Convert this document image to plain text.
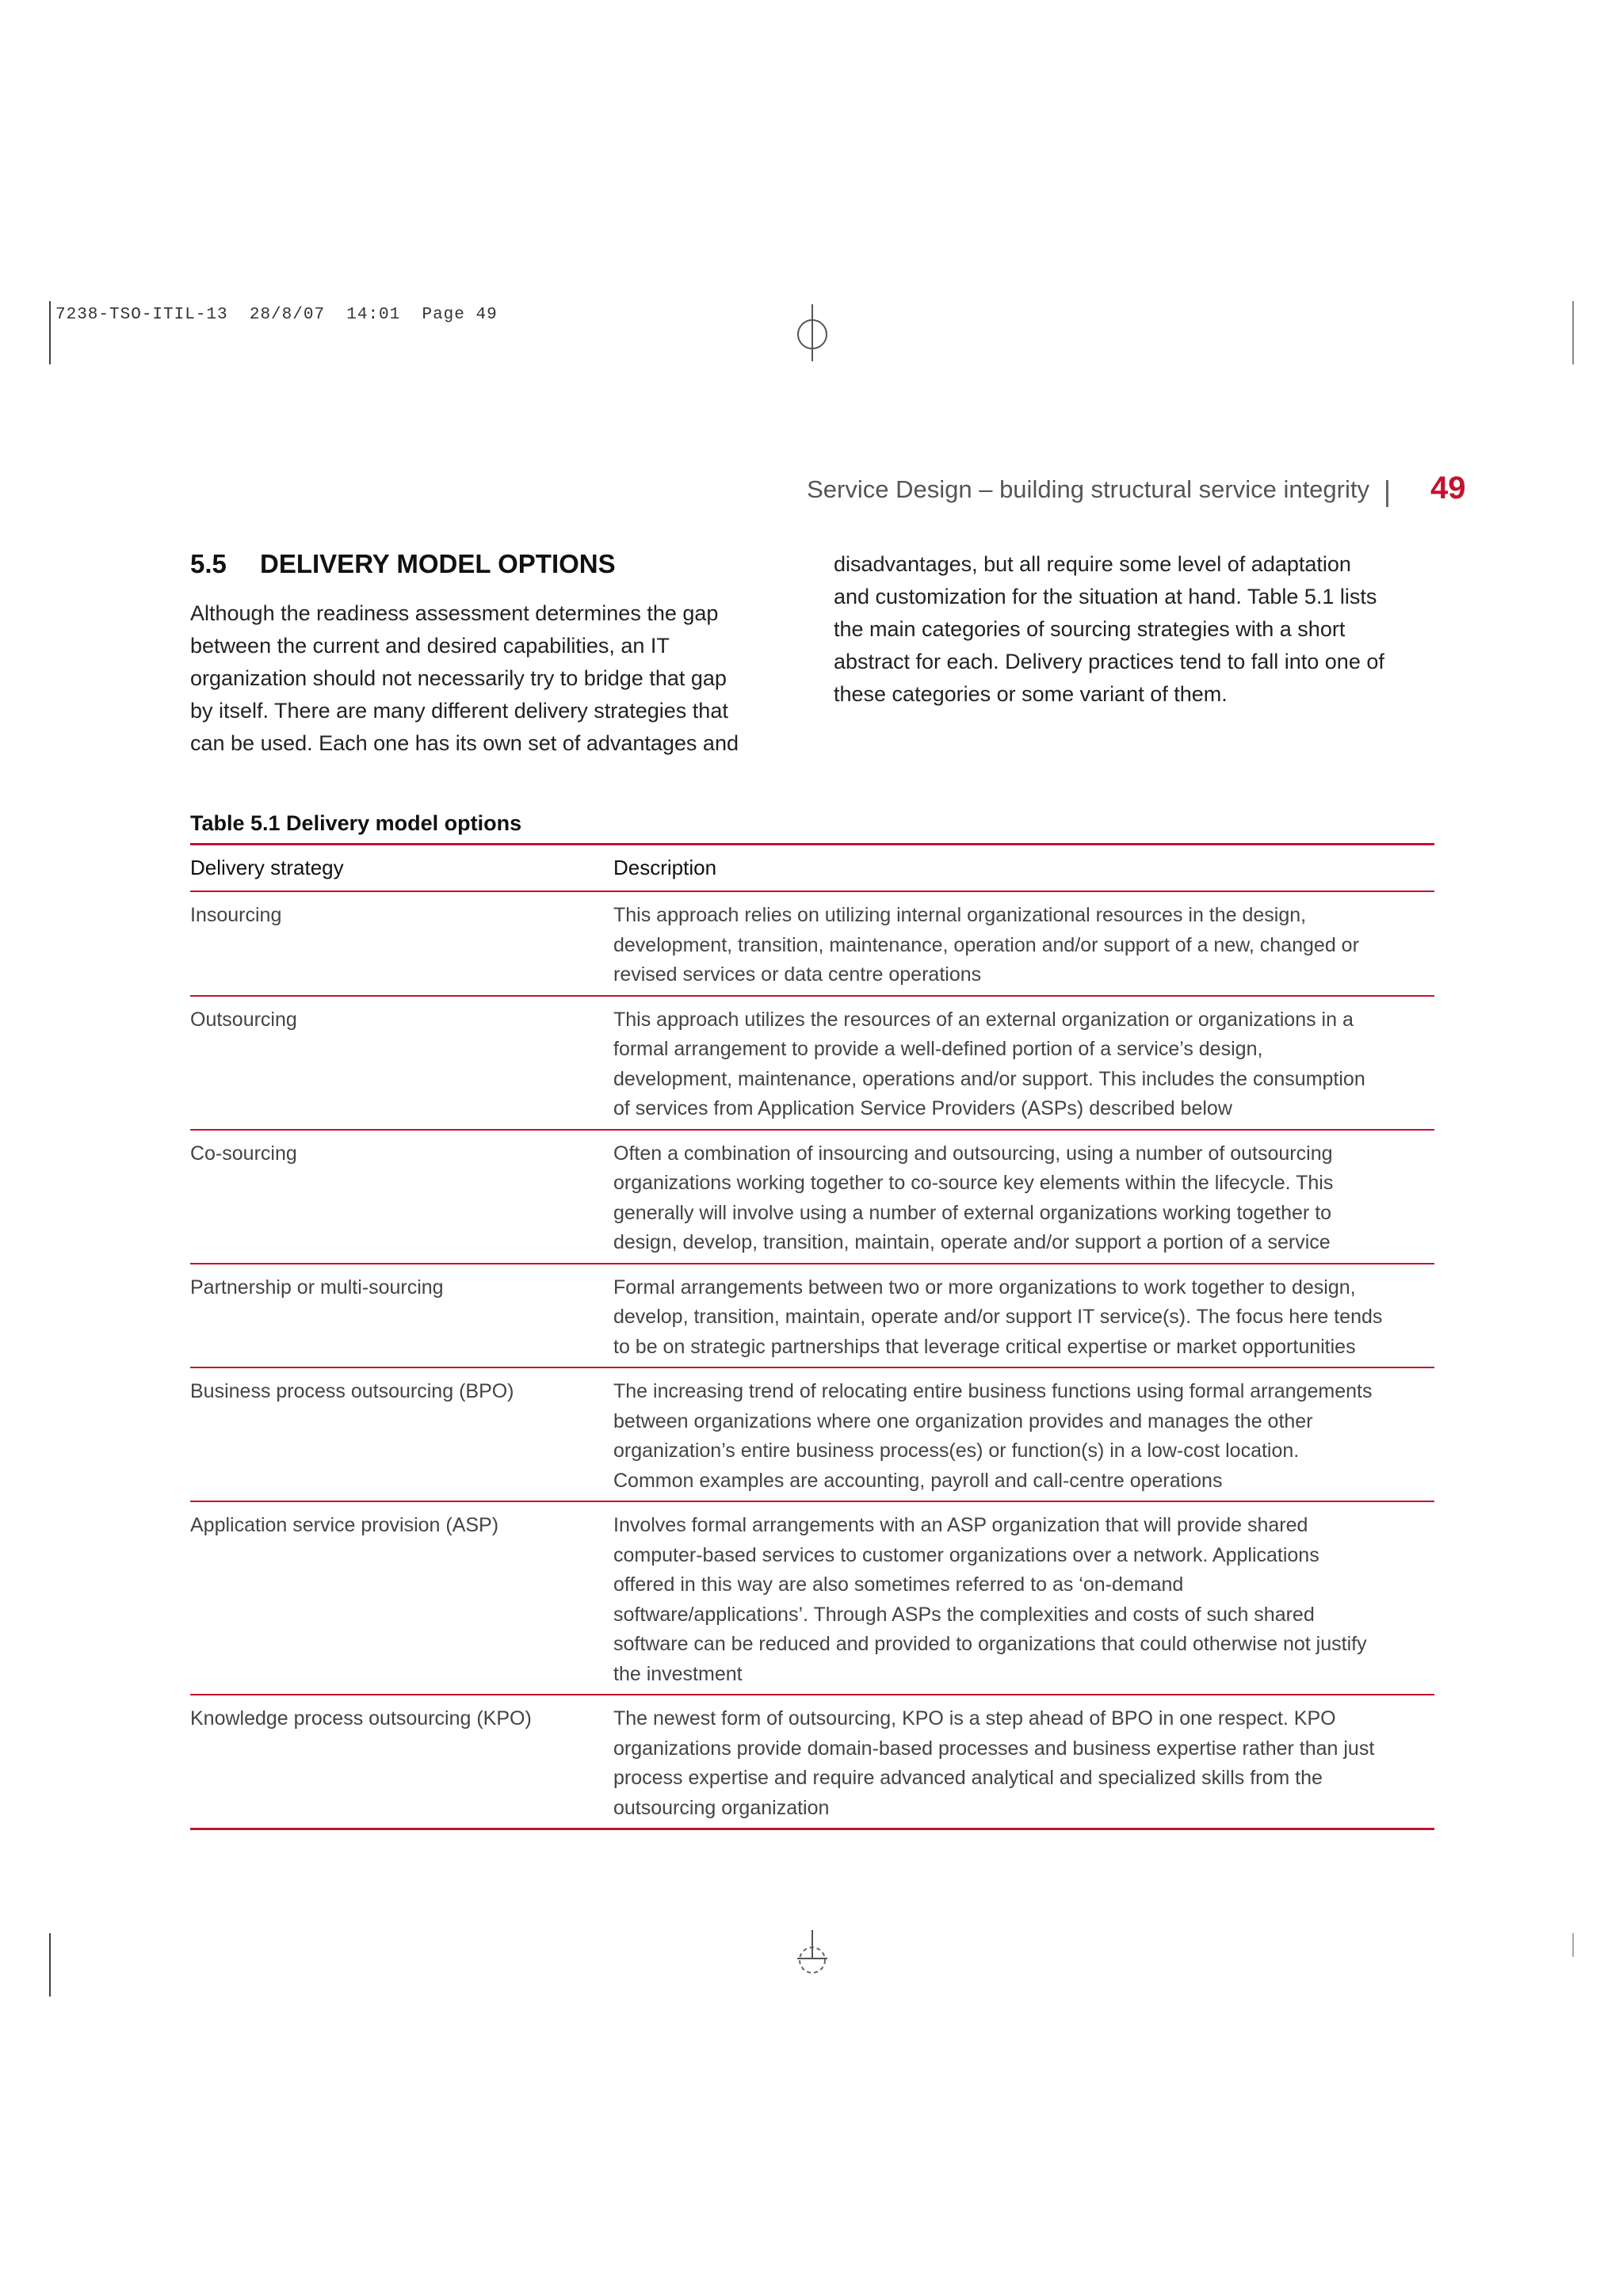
7238-TSO-ITIL-13  28/8/07  14:01  Page 49
Service Design – building structural service integrity 49
5.5 DELIVERY MODEL OPTIONS
Although the readiness assessment determines the gap
between the current and desired capabilities, an IT
organization should not necessarily try to bridge that gap
by itself. There are many different delivery strategies that
can be used. Each one has its own set of advantages and
disadvantages, but all require some level of adaptation
and customization for the situation at hand. Table 5.1 lists
the main categories of sourcing strategies with a short
abstract for each. Delivery practices tend to fall into one of
these categories or some variant of them.
Table 5.1 Delivery model options
Delivery strategy	Description
Insourcing	This approach relies on utilizing internal organizational resources in the design,
development, transition, maintenance, operation and/or support of a new, changed or
revised services or data centre operations
Outsourcing	This approach utilizes the resources of an external organization or organizations in a
formal arrangement to provide a well-defined portion of a service’s design,
development, maintenance, operations and/or support. This includes the consumption
of services from Application Service Providers (ASPs) described below
Co-sourcing	Often a combination of insourcing and outsourcing, using a number of outsourcing
organizations working together to co-source key elements within the lifecycle. This
generally will involve using a number of external organizations working together to
design, develop, transition, maintain, operate and/or support a portion of a service
Partnership or multi-sourcing	Formal arrangements between two or more organizations to work together to design,
develop, transition, maintain, operate and/or support IT service(s). The focus here tends
to be on strategic partnerships that leverage critical expertise or market opportunities
Business process outsourcing (BPO)	The increasing trend of relocating entire business functions using formal arrangements
between organizations where one organization provides and manages the other
organization’s entire business process(es) or function(s) in a low-cost location.
Common examples are accounting, payroll and call-centre operations
Application service provision (ASP)	Involves formal arrangements with an ASP organization that will provide shared
computer-based services to customer organizations over a network. Applications
offered in this way are also sometimes referred to as ‘on-demand
software/applications’. Through ASPs the complexities and costs of such shared
software can be reduced and provided to organizations that could otherwise not justify
the investment
Knowledge process outsourcing (KPO)	The newest form of outsourcing, KPO is a step ahead of BPO in one respect. KPO
organizations provide domain-based processes and business expertise rather than just
process expertise and require advanced analytical and specialized skills from the
outsourcing organization
